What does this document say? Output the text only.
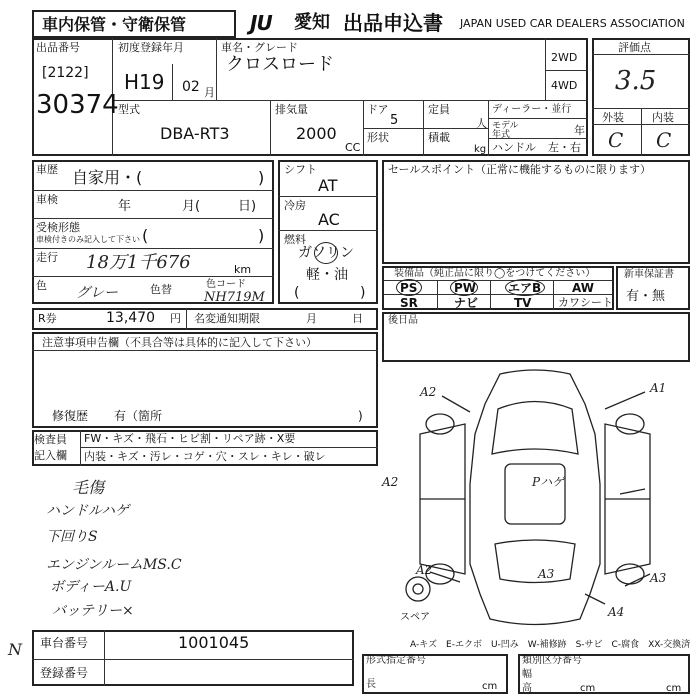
車内保管・守衛保管	JU 愛知 出品申込書 JAPAN USED CAR DEALERS ASSOCIATION
出品番号
[2122]
30374
初度登録年月
H19 02 月
車名・グレード
クロスロード	2WD
4WD
型式
DBA-RT3
排気量
2000
CC
ドア
5
形状
定員
人
積載
kg
ディーラー・並行
モデル年式	年
ハンドル 左・右
評価点
3.5
外装	内装
C C
車歴 自家用・(	)
車検	年	月(	日)
受検形態
車検付きのみ記入して下さい (	)
走行 18万1千676	km
色 グレー	色替	色コード
NH719M
シフト
AT
冷房
AC
燃料
ガソリン
軽・油
(	)
セールスポイント（正常に機能するものに限ります）
装備品（純正品に限り◯をつけてください）
PS	PW	エアB	AW
SR	ナビ	TV カワシート
新車保証書
有・無
R券	13,470 円 名変通知期限	月	日	後日品
注意事項申告欄（不具合等は具体的に記入して下さい）
修復歴 有（箇所	)
検査員
記入欄
FW・キズ・飛石・ヒビ割・リペア跡・X要
内装・キズ・汚レ・コゲ・穴・スレ・キレ・破レ
毛傷
ハンドルハゲ
下回りS
エンジンルームMS.C
ボディーA.U
バッテリー×
N 車台番号	1001045
登録番号
A2	A1
A2
A2	A3	A3
A4
Pハゲ
スペア
A-キズ　E-エクボ　U-凹み　W-補修跡　S-サビ　C-腐食　XX-交換済
形式指定番号	類別区分番号
長	cm
幅
高	cm	cm
